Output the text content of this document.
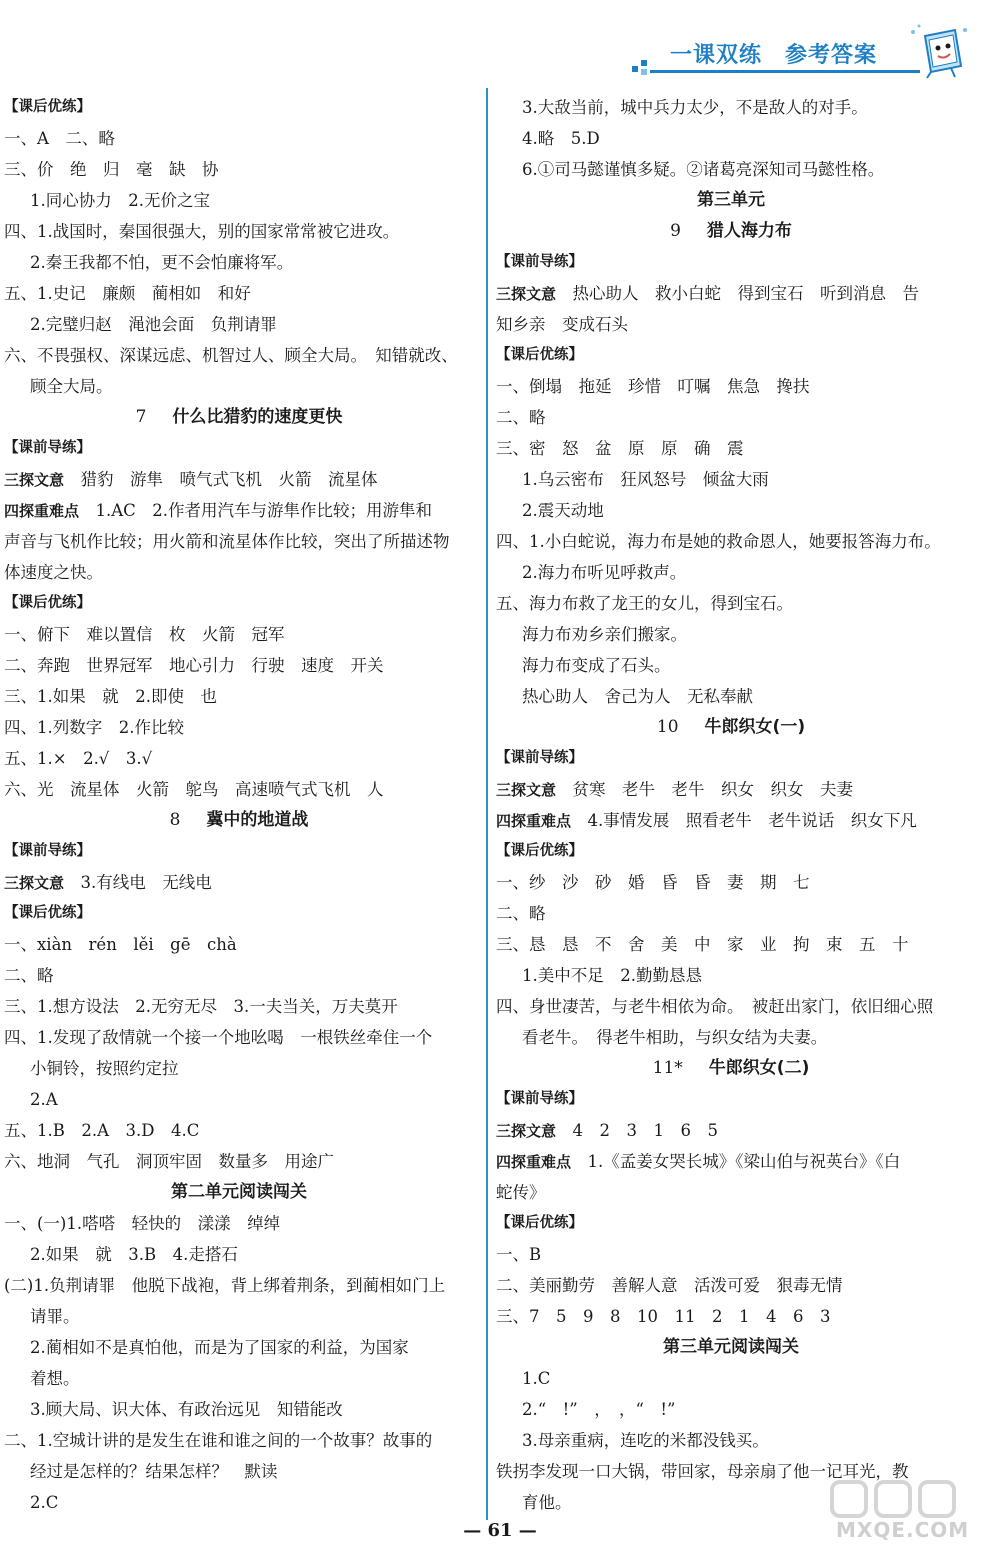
一课双练　参考答案
【课后优练】
一、A　二、略
三、价　绝　归　毫　缺　协
1.同心协力　2.无价之宝
四、1.战国时，秦国很强大，别的国家常常被它进攻。
2.秦王我都不怕，更不会怕廉将军。
五、1.史记　廉颇　蔺相如　和好
2.完璧归赵　渑池会面　负荆请罪
六、不畏强权、深谋远虑、机智过人、顾全大局。　知错就改、
顾全大局。
7 什么比猎豹的速度更快
【课前导练】
三探文意　猎豹　游隼　喷气式飞机　火箭　流星体
四探重难点　1.AC　2.作者用汽车与游隼作比较；用游隼和
声音与飞机作比较；用火箭和流星体作比较，突出了所描述物
体速度之快。
【课后优练】
一、俯下　难以置信　枚　火箭　冠军
二、奔跑　世界冠军　地心引力　行驶　速度　开关
三、1.如果　就　2.即使　也
四、1.列数字　2.作比较
五、1.×　2.√　3.√
六、光　流星体　火箭　鸵鸟　高速喷气式飞机　人
8 冀中的地道战
【课前导练】
三探文意　3.有线电　无线电
【课后优练】
一、xiàn　rén　lěi　gē　chà
二、略
三、1.想方设法　2.无穷无尽　3.一夫当关，万夫莫开
四、1.发现了敌情就一个接一个地吆喝　一根铁丝牵住一个
小铜铃，按照约定拉
2.A
五、1.B　2.A　3.D　4.C
六、地洞　气孔　洞顶牢固　数量多　用途广
第二单元阅读闯关
一、(一)1.嗒嗒　轻快的　漾漾　绰绰
2.如果　就　3.B　4.走搭石
(二)1.负荆请罪　他脱下战袍，背上绑着荆条，到蔺相如门上
请罪。
2.蔺相如不是真怕他，而是为了国家的利益，为国家
着想。
3.顾大局、识大体、有政治远见　知错能改
二、1.空城计讲的是发生在谁和谁之间的一个故事？故事的
经过是怎样的？结果怎样？　默读
2.C
3.大敌当前，城中兵力太少，不是敌人的对手。
4.略　5.D
6.①司马懿谨慎多疑。②诸葛亮深知司马懿性格。
第三单元
9 猎人海力布
【课前导练】
三探文意　热心助人　救小白蛇　得到宝石　听到消息　告
知乡亲　变成石头
【课后优练】
一、倒塌　拖延　珍惜　叮嘱　焦急　搀扶
二、略
三、密　怒　盆　原　原　确　震
1.乌云密布　狂风怒号　倾盆大雨
2.震天动地
四、1.小白蛇说，海力布是她的救命恩人，她要报答海力布。
2.海力布听见呼救声。
五、海力布救了龙王的女儿，得到宝石。
海力布劝乡亲们搬家。
海力布变成了石头。
热心助人　舍己为人　无私奉献
10 牛郎织女(一)
【课前导练】
三探文意　贫寒　老牛　老牛　织女　织女　夫妻
四探重难点　4.事情发展　照看老牛　老牛说话　织女下凡
【课后优练】
一、纱　沙　砂　婚　昏　昏　妻　期　七
二、略
三、恳　恳　不　舍　美　中　家　业　拘　束　五　十
1.美中不足　2.勤勤恳恳
四、身世凄苦，与老牛相依为命。　被赶出家门，依旧细心照
看老牛。　得老牛相助，与织女结为夫妻。
11* 牛郎织女(二)
【课前导练】
三探文意　4　2　3　1　6　5
四探重难点　1.《孟姜女哭长城》《梁山伯与祝英台》《白
蛇传》
【课后优练】
一、B
二、美丽勤劳　善解人意　活泼可爱　狠毒无情
三、7　5　9　8　10　11　2　1　4　6　3
第三单元阅读闯关
1.C
2.“　!”　，　，“　!”
3.母亲重病，连吃的米都没钱买。
铁拐李发现一口大锅，带回家，母亲扇了他一记耳光，教
育他。
— 61 —	MXQE.COM
